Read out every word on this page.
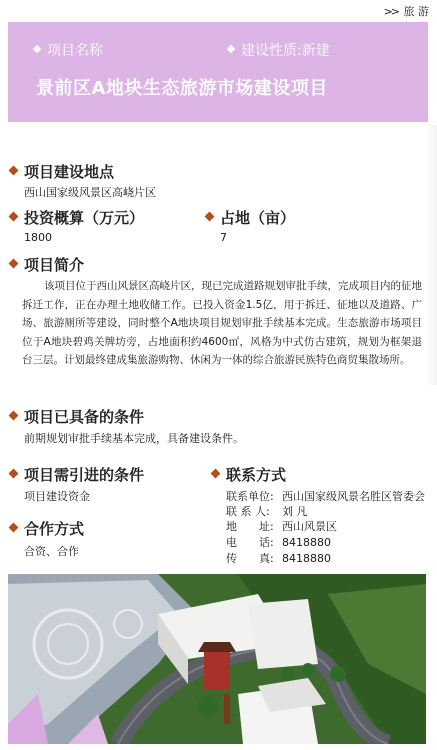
>> 旅 游
项目名称	建设性质:新建
景前区A地块生态旅游市场建设项目
项目建设地点
西山国家级风景区高峣片区
投资概算（万元）
1800
占地（亩）
7
项目简介
该项目位于西山风景区高峣片区，现已完成道路规划审批手续，完成项目内的征地拆迁工作，正在办理土地收储工作。已投入资金1.5亿，用于拆迁、征地以及道路、广场、旅游厕所等建设，同时整个A地块项目规划审批手续基本完成。生态旅游市场项目位于A地块碧鸡关牌坊旁，占地面积约4600㎡，风格为中式仿古建筑，规划为框架退台三层。计划最终建成集旅游购物、休闲为一体的综合旅游民族特色商贸集散场所。
项目已具备的条件
前期规划审批手续基本完成，具备建设条件。
项目需引进的条件
项目建设资金
合作方式
合资、合作
联系方式
联系单位: 西山国家级风景名胜区管委会
联 系 人: 刘 凡
地　　址: 西山风景区
电　　话: 8418880
传　　真: 8418880
